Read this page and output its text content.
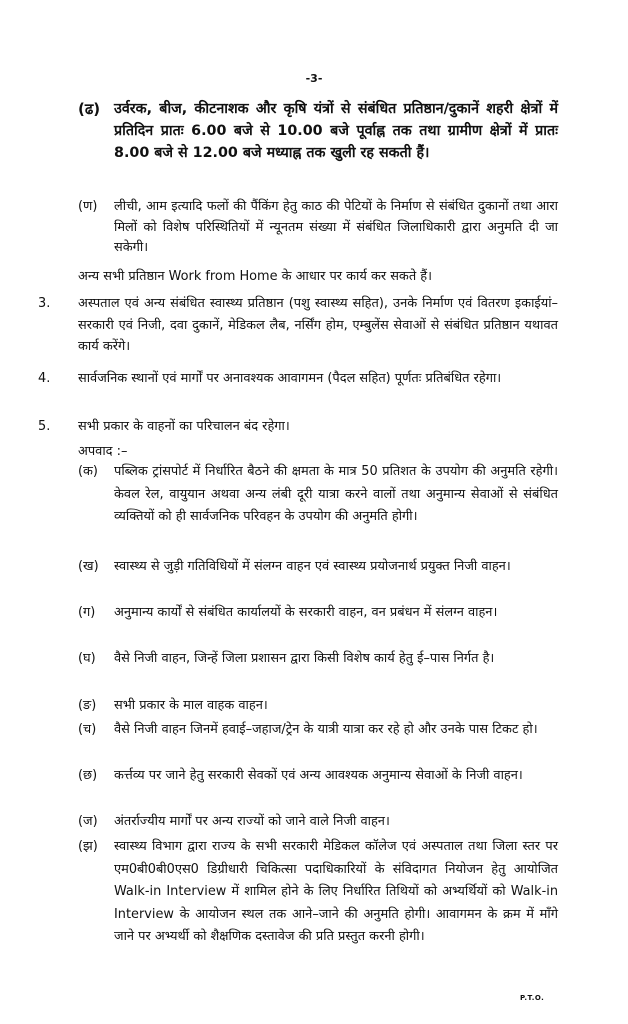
-3-
(ढ) उर्वरक, बीज, कीटनाशक और कृषि यंत्रों से संबंधित प्रतिष्ठान/दुकानें शहरी क्षेत्रों में प्रतिदिन प्रातः 6.00 बजे से 10.00 बजे पूर्वाह्न तक तथा ग्रामीण क्षेत्रों में प्रातः 8.00 बजे से 12.00 बजे मध्याह्न तक खुली रह सकती हैं।
(ण)	लीची, आम इत्यादि फलों की पैंकिंग हेतु काठ की पेटियों के निर्माण से संबंधित दुकानों तथा आरा मिलों को विशेष परिस्थितियों में न्यूनतम संख्या में संबंधित जिलाधिकारी द्वारा अनुमति दी जा सकेगी।
अन्य सभी प्रतिष्ठान Work from Home के आधार पर कार्य कर सकते हैं।
3.	अस्पताल एवं अन्य संबंधित स्वास्थ्य प्रतिष्ठान (पशु स्वास्थ्य सहित), उनके निर्माण एवं वितरण इकाईयां– सरकारी एवं निजी, दवा दुकानें, मेडिकल लैब, नर्सिंग होम, एम्बुलेंस सेवाओं से संबंधित प्रतिष्ठान यथावत कार्य करेंगे।
4.	सार्वजनिक स्थानों एवं मार्गों पर अनावश्यक आवागमन (पैदल सहित) पूर्णतः प्रतिबंधित रहेगा।
5.	सभी प्रकार के वाहनों का परिचालन बंद रहेगा।
अपवाद :–
(क)	पब्लिक ट्रांसपोर्ट में निर्धारित बैठने की क्षमता के मात्र 50 प्रतिशत के उपयोग की अनुमति रहेगी। केवल रेल, वायुयान अथवा अन्य लंबी दूरी यात्रा करने वालों तथा अनुमान्य सेवाओं से संबंधित व्यक्तियों को ही सार्वजनिक परिवहन के उपयोग की अनुमति होगी।
(ख)	स्वास्थ्य से जुड़ी गतिविधियों में संलग्न वाहन एवं स्वास्थ्य प्रयोजनार्थ प्रयुक्त निजी वाहन।
(ग)	अनुमान्य कार्यों से संबंधित कार्यालयों के सरकारी वाहन, वन प्रबंधन में संलग्न वाहन।
(घ)	वैसे निजी वाहन, जिन्हें जिला प्रशासन द्वारा किसी विशेष कार्य हेतु ई–पास निर्गत है।
(ङ)	सभी प्रकार के माल वाहक वाहन।
(च)	वैसे निजी वाहन जिनमें हवाई–जहाज/ट्रेन के यात्री यात्रा कर रहे हो और उनके पास टिकट हो।
(छ)	कर्त्तव्य पर जाने हेतु सरकारी सेवकों एवं अन्य आवश्यक अनुमान्य सेवाओं के निजी वाहन।
(ज)	अंतर्राज्यीय मार्गों पर अन्य राज्यों को जाने वाले निजी वाहन।
(झ)	स्वास्थ्य विभाग द्वारा राज्य के सभी सरकारी मेडिकल कॉलेज एवं अस्पताल तथा जिला स्तर पर एम0बी0बी0एस0 डिग्रीधारी चिकित्सा पदाधिकारियों के संविदागत नियोजन हेतु आयोजित Walk-in Interview में शामिल होने के लिए निर्धारित तिथियों को अभ्यर्थियों को Walk-in Interview के आयोजन स्थल तक आने–जाने की अनुमति होगी। आवागमन के क्रम में माँगे जाने पर अभ्यर्थी को शैक्षणिक दस्तावेज की प्रति प्रस्तुत करनी होगी।
P.T.O.
